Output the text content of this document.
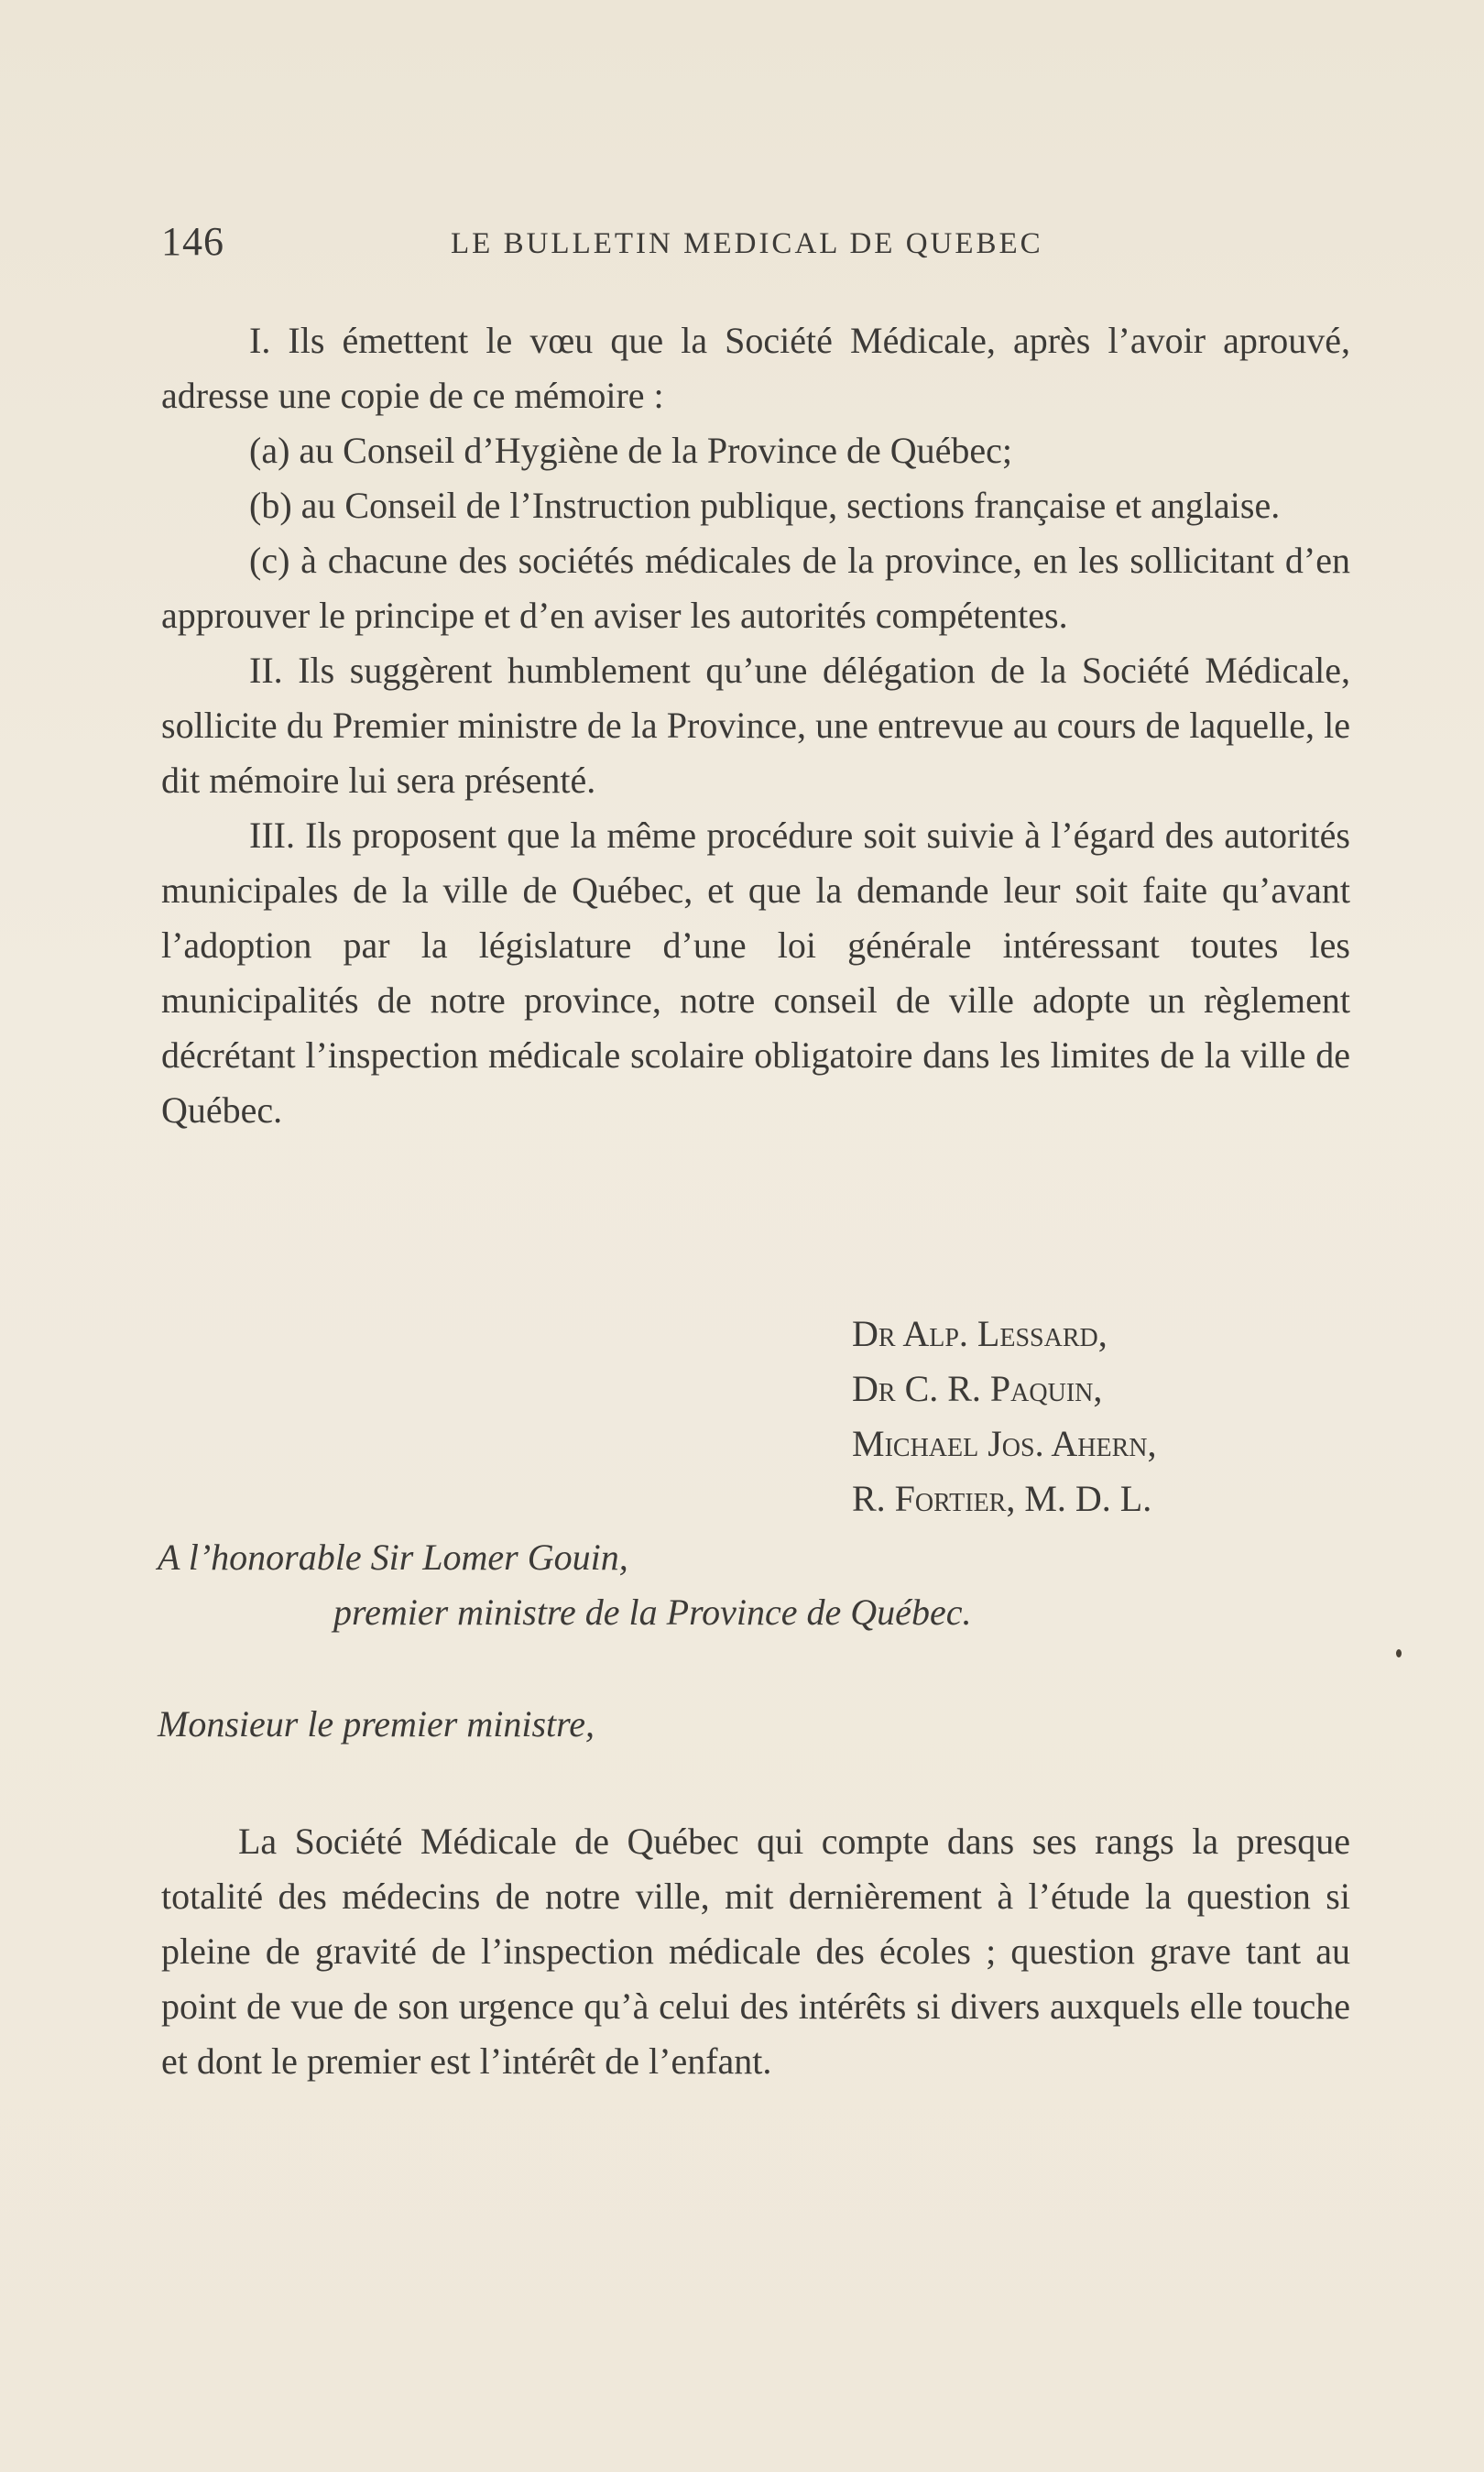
146	LE BULLETIN MEDICAL DE QUEBEC

I. Ils émettent le vœu que la Société Médicale, après l’avoir aprouvé, adresse une copie de ce mémoire :

(a) au Conseil d’Hygiène de la Province de Québec;

(b) au Conseil de l’Instruction publique, sections française et anglaise.

(c) à chacune des sociétés médicales de la province, en les sollicitant d’en approuver le principe et d’en aviser les autorités compétentes.

II. Ils suggèrent humblement qu’une délégation de la Société Médicale, sollicite du Premier ministre de la Province, une entrevue au cours de laquelle, le dit mémoire lui sera présenté.

III. Ils proposent que la même procédure soit suivie à l’égard des autorités municipales de la ville de Québec, et que la demande leur soit faite qu’avant l’adoption par la législature d’une loi générale intéressant toutes les municipalités de notre province, notre conseil de ville adopte un règlement décrétant l’inspection médicale scolaire obligatoire dans les limites de la ville de Québec.

Dr Alp. Lessard,
Dr C. R. Paquin,
Michael Jos. Ahern,
R. Fortier, M. D. L.
A l’honorable Sir Lomer Gouin,
premier ministre de la Province de Québec.
Monsieur le premier ministre,

La Société Médicale de Québec qui compte dans ses rangs la presque totalité des médecins de notre ville, mit dernièrement à l’étude la question si pleine de gravité de l’inspection médicale des écoles ; question grave tant au point de vue de son urgence qu’à celui des intérêts si divers auxquels elle touche et dont le premier est l’intérêt de l’enfant.
